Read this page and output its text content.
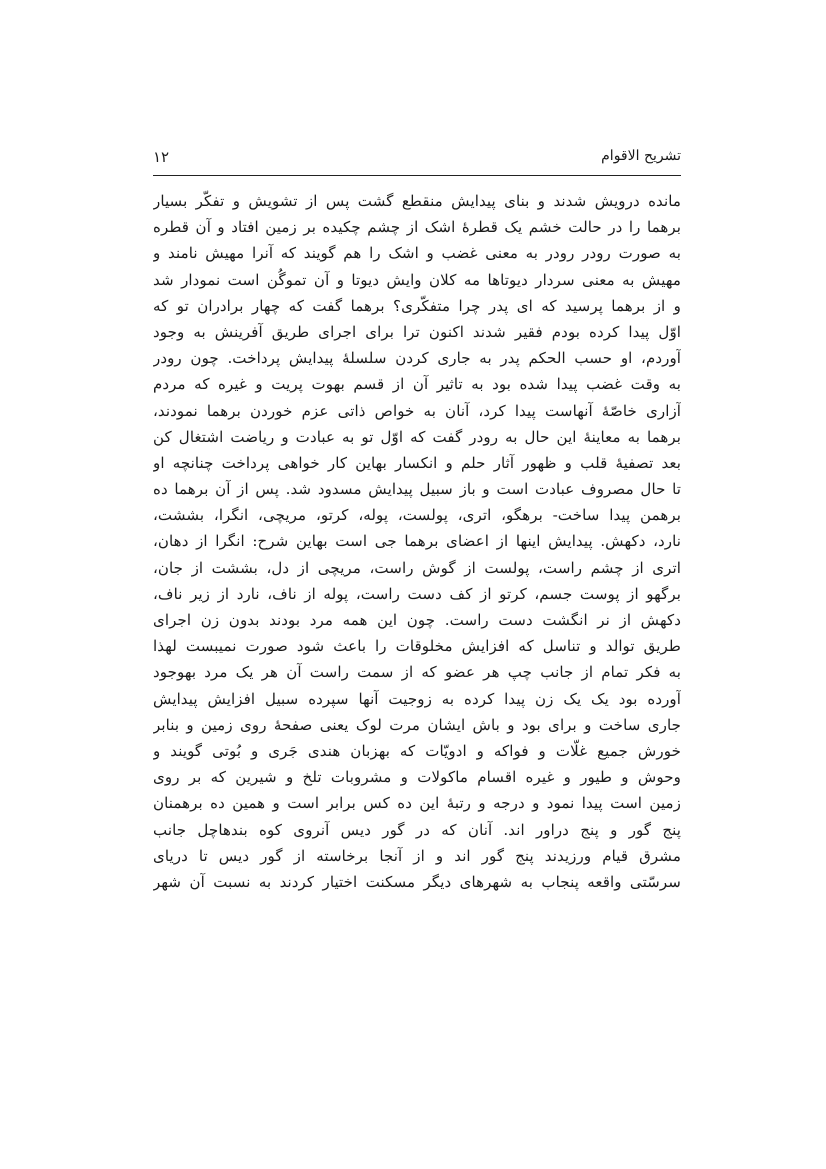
تشریح الاقوام
۱۲
مانده درویش شدند و بنای پیدایش منقطع گشت پس از تشویش و تفکّر بسیار
برهما را در حالت خشم یک قطرهٔ اشک از چشم چکیده بر زمین افتاد و آن قطره
به صورت رودر رودر به معنی غضب و اشک را هم گویند که آنرا مهیش نامند و
مهیش به معنی سردار دیوتاها مه کلان وایش دیوتا و آن تموگُن است نمودار شد
و از برهما پرسید که ای پدر چرا متفکّری؟ برهما گفت که چهار برادران تو که
اوّل پیدا کرده بودم فقیر شدند اکنون ترا برای اجرای طریق آفرینش به وجود
آوردم، او حسب الحکم پدر به جاری کردن سلسلهٔ پیدایش پرداخت. چون رودر
به وقت غضب پیدا شده بود به تاثیر آن از قسم بهوت پریت و غیره که مردم
آزاری خاصّهٔ آنهاست پیدا کرد، آنان به خواص ذاتی عزم خوردن برهما نمودند،
برهما به معاینهٔ این حال به رودر گفت که اوّل تو به عبادت و ریاضت اشتغال کن
بعد تصفیهٔ قلب و ظهور آثار حلم و انکسار بهاین کار خواهی پرداخت چنانچه او
تا حال مصروف عبادت است و باز سبیل پیدایش مسدود شد. پس از آن برهما ده
برهمن پیدا ساخت- برهگو، اتری، پولست، پوله، کرتو، مریچی، انگرا، بششت،
نارد، دکهش. پیدایش اینها از اعضای برهما جی است بهاین شرح: انگرا از دهان،
اتری از چشم راست، پولست از گوش راست، مریچی از دل، بششت از جان،
برگهو از پوست جسم، کرتو از کف دست راست، پوله از ناف، نارد از زیر ناف،
دکهش از نر انگشت دست راست. چون این همه مرد بودند بدون زن اجرای
طریق توالد و تناسل که افزایش مخلوقات را باعث شود صورت نمیبست لهذا
به فکر تمام از جانب چپ هر عضو که از سمت راست آن هر یک مرد بهوجود
آورده بود یک یک زن پیدا کرده به زوجیت آنها سپرده سبیل افزایش پیدایش
جاری ساخت و برای بود و باش ایشان مرت لوک یعنی صفحهٔ روی زمین و بنابر
خورش جمیع غلّات و فواکه و ادویّات که بهزبان هندی جَری و بُوتی گویند و
وحوش و طیور و غیره اقسام ماکولات و مشروبات تلخ و شیرین که بر روی
زمین است پیدا نمود و درجه و رتبهٔ این ده کس برابر است و همین ده برهمنان
پنج گور و پنج دراور اند. آنان که در گور دیس آنروی کوه بندهاچل جانب
مشرق قیام ورزیدند پنج گور اند و از آنجا برخاسته از گور دیس تا دریای
سرسّتی واقعه پنجاب به شهرهای دیگر مسکنت اختیار کردند به نسبت آن شهر
